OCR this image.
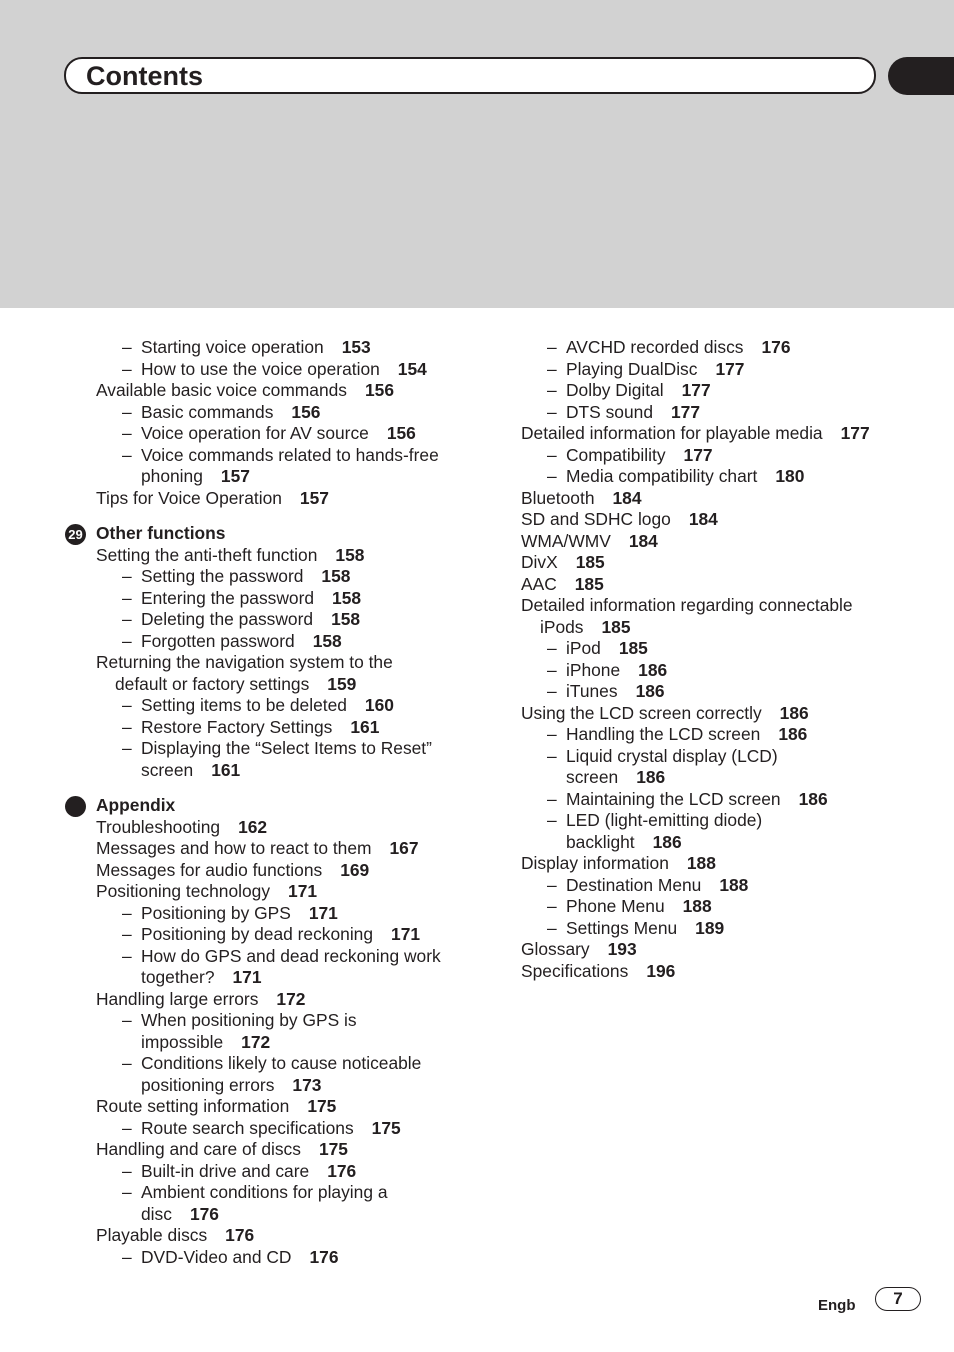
Contents
– Starting voice operation 153
– How to use the voice operation 154
Available basic voice commands 156
– Basic commands 156
– Voice operation for AV source 156
– Voice commands related to hands-free
phoning 157
Tips for Voice Operation 157
29 Other functions
Setting the anti-theft function 158
– Setting the password 158
– Entering the password 158
– Deleting the password 158
– Forgotten password 158
Returning the navigation system to the
default or factory settings 159
– Setting items to be deleted 160
– Restore Factory Settings 161
– Displaying the “Select Items to Reset”
screen 161
Appendix
Troubleshooting 162
Messages and how to react to them 167
Messages for audio functions 169
Positioning technology 171
– Positioning by GPS 171
– Positioning by dead reckoning 171
– How do GPS and dead reckoning work
together? 171
Handling large errors 172
– When positioning by GPS is
impossible 172
– Conditions likely to cause noticeable
positioning errors 173
Route setting information 175
– Route search specifications 175
Handling and care of discs 175
– Built-in drive and care 176
– Ambient conditions for playing a
disc 176
Playable discs 176
– DVD-Video and CD 176
– AVCHD recorded discs 176
– Playing DualDisc 177
– Dolby Digital 177
– DTS sound 177
Detailed information for playable media 177
– Compatibility 177
– Media compatibility chart 180
Bluetooth 184
SD and SDHC logo 184
WMA/WMV 184
DivX 185
AAC 185
Detailed information regarding connectable
iPods 185
– iPod 185
– iPhone 186
– iTunes 186
Using the LCD screen correctly 186
– Handling the LCD screen 186
– Liquid crystal display (LCD)
screen 186
– Maintaining the LCD screen 186
– LED (light-emitting diode)
backlight 186
Display information 188
– Destination Menu 188
– Phone Menu 188
– Settings Menu 189
Glossary 193
Specifications 196
Engb	7
